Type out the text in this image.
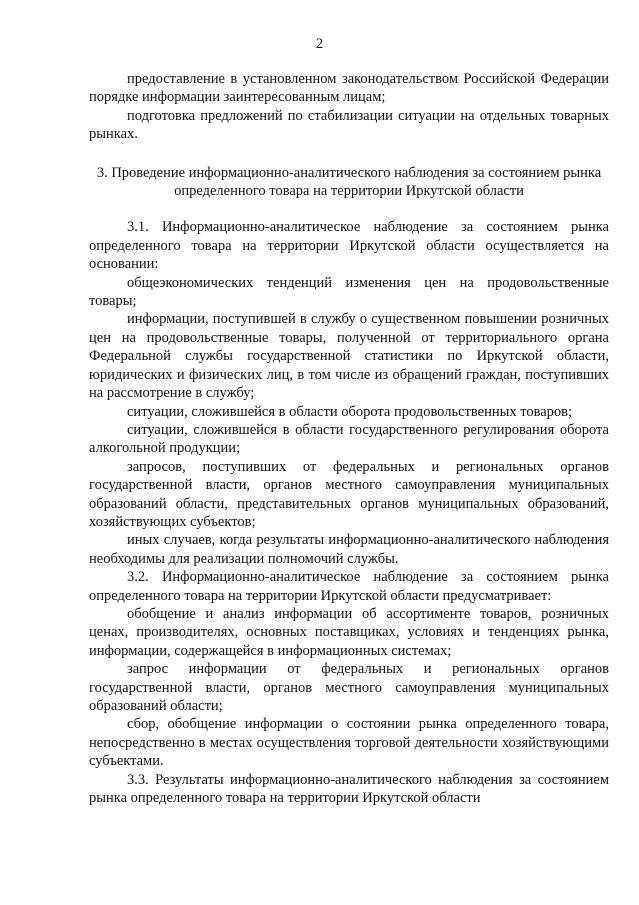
2

предоставление в установленном законодательством Российской Федерации порядке информации заинтересованным лицам;

подготовка предложений по стабилизации ситуации на отдельных товарных рынках.

3. Проведение информационно-аналитического наблюдения за состоянием рынка определенного товара на территории Иркутской области

3.1. Информационно-аналитическое наблюдение за состоянием рынка определенного товара на территории Иркутской области осуществляется на основании:

общеэкономических тенденций изменения цен на продовольственные товары;

информации, поступившей в службу о существенном повышении розничных цен на продовольственные товары, полученной от территориального органа Федеральной службы государственной статистики по Иркутской области, юридических и физических лиц, в том числе из обращений граждан, поступивших на рассмотрение в службу;

ситуации, сложившейся в области оборота продовольственных товаров;

ситуации, сложившейся в области государственного регулирования оборота алкогольной продукции;

запросов, поступивших от федеральных и региональных органов государственной власти, органов местного самоуправления муниципальных образований области, представительных органов муниципальных образований, хозяйствующих субъектов;

иных случаев, когда результаты информационно-аналитического наблюдения необходимы для реализации полномочий службы.

3.2. Информационно-аналитическое наблюдение за состоянием рынка определенного товара на территории Иркутской области предусматривает:

обобщение и анализ информации об ассортименте товаров, розничных ценах, производителях, основных поставщиках, условиях и тенденциях рынка, информации, содержащейся в информационных системах;

запрос информации от федеральных и региональных органов государственной власти, органов местного самоуправления муниципальных образований области;

сбор, обобщение информации о состоянии рынка определенного товара, непосредственно в местах осуществления торговой деятельности хозяйствующими субъектами.

3.3. Результаты информационно-аналитического наблюдения за состоянием рынка определенного товара на территории Иркутской области
